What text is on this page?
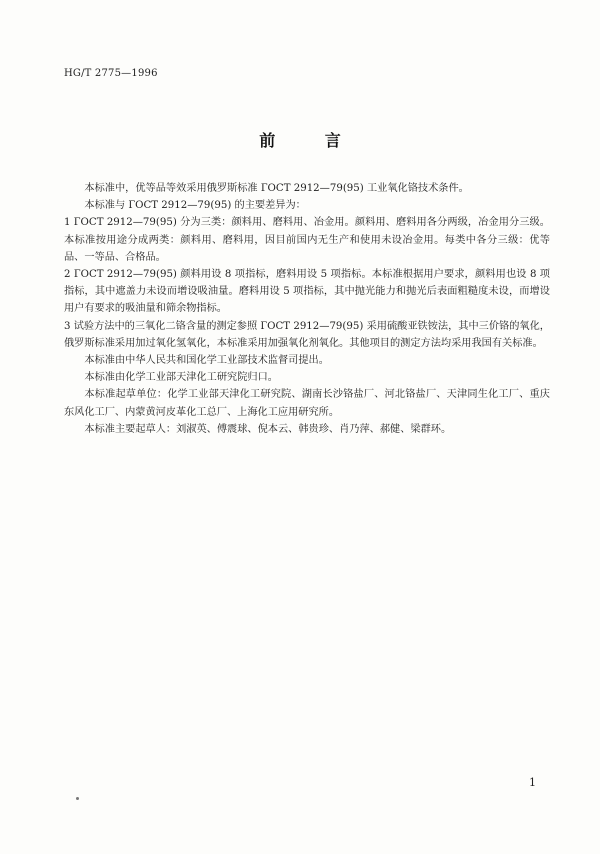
HG/T 2775—1996
前 言

本标准中，优等品等效采用俄罗斯标准 ГОСТ 2912—79(95) 工业氧化铬技术条件。

本标准与 ГОСТ 2912—79(95) 的主要差异为：

1 ГОСТ 2912—79(95) 分为三类：颜料用、磨料用、冶金用。颜料用、磨料用各分两级，冶金用分三级。本标准按用途分成两类：颜料用、磨料用，因目前国内无生产和使用未设冶金用。每类中各分三级：优等品、一等品、合格品。

2 ГОСТ 2912—79(95) 颜料用设 8 项指标，磨料用设 5 项指标。本标准根据用户要求，颜料用也设 8 项指标，其中遮盖力未设而增设吸油量。磨料用设 5 项指标，其中抛光能力和抛光后表面粗糙度未设，而增设用户有要求的吸油量和筛余物指标。

3 试验方法中的三氧化二铬含量的测定参照 ГОСТ 2912—79(95) 采用硫酸亚铁铵法，其中三价铬的氧化，俄罗斯标准采用加过氧化氢氧化，本标准采用加强氧化剂氧化。其他项目的测定方法均采用我国有关标准。

本标准由中华人民共和国化学工业部技术监督司提出。

本标准由化学工业部天津化工研究院归口。

本标准起草单位：化学工业部天津化工研究院、湖南长沙铬盐厂、河北铬盐厂、天津同生化工厂、重庆东风化工厂、内蒙黄河皮革化工总厂、上海化工应用研究所。

本标准主要起草人：刘淑英、傅震球、倪本云、韩贵珍、肖乃萍、郝健、梁群环。

1
